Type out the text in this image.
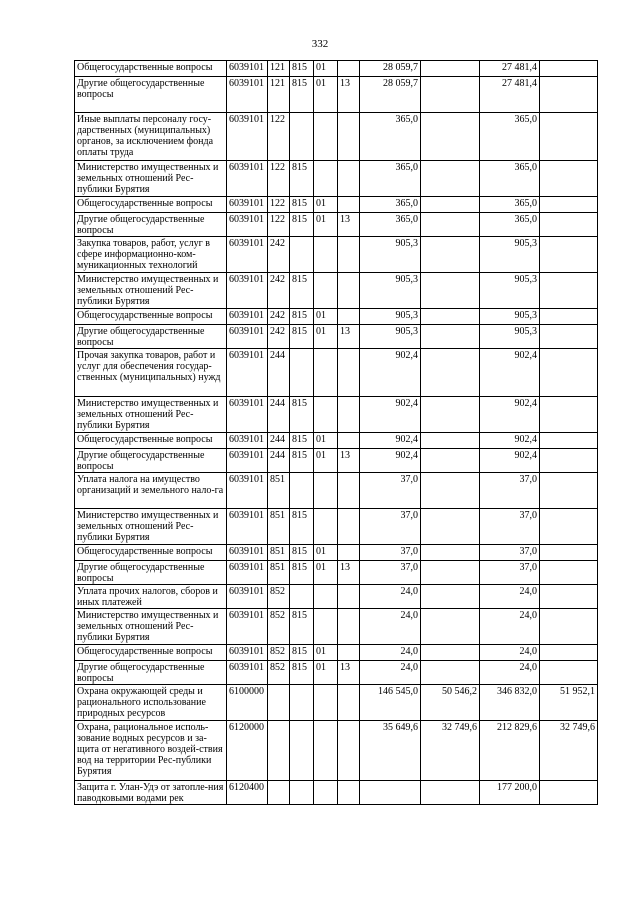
332
Общегосударственные вопросы	6039101	121	815	01		28 059,7		27 481,4	
Другие общегосударственные вопросы	6039101	121	815	01	13	28 059,7		27 481,4	
Иные выплаты персоналу госу-дарственных (муниципальных) органов, за исключением фонда оплаты труда	6039101	122				365,0		365,0	
Министерство имущественных и земельных отношений Рес-публики Бурятия	6039101	122	815			365,0		365,0	
Общегосударственные вопросы	6039101	122	815	01		365,0		365,0	
Другие общегосударственные вопросы	6039101	122	815	01	13	365,0		365,0	
Закупка товаров, работ, услуг в сфере информационно-ком-муникационных технологий	6039101	242				905,3		905,3	
Министерство имущественных и земельных отношений Рес-публики Бурятия	6039101	242	815			905,3		905,3	
Общегосударственные вопросы	6039101	242	815	01		905,3		905,3	
Другие общегосударственные вопросы	6039101	242	815	01	13	905,3		905,3	
Прочая закупка товаров, работ и услуг для обеспечения государ-ственных (муниципальных) нужд	6039101	244				902,4		902,4	
Министерство имущественных и земельных отношений Рес-публики Бурятия	6039101	244	815			902,4		902,4	
Общегосударственные вопросы	6039101	244	815	01		902,4		902,4	
Другие общегосударственные вопросы	6039101	244	815	01	13	902,4		902,4	
Уплата налога на имущество организаций и земельного нало-га	6039101	851				37,0		37,0	
Министерство имущественных и земельных отношений Рес-публики Бурятия	6039101	851	815			37,0		37,0	
Общегосударственные вопросы	6039101	851	815	01		37,0		37,0	
Другие общегосударственные вопросы	6039101	851	815	01	13	37,0		37,0	
Уплата прочих налогов, сборов и иных платежей	6039101	852				24,0		24,0	
Министерство имущественных и земельных отношений Рес-публики Бурятия	6039101	852	815			24,0		24,0	
Общегосударственные вопросы	6039101	852	815	01		24,0		24,0	
Другие общегосударственные вопросы	6039101	852	815	01	13	24,0		24,0	
Охрана окружающей среды и рационального использование природных ресурсов	6100000					146 545,0	50 546,2	346 832,0	51 952,1
Охрана, рациональное исполь-зование водных ресурсов и за-щита от негативного воздей-ствия вод на территории Рес-публики Бурятия	6120000					35 649,6	32 749,6	212 829,6	32 749,6
Защита г. Улан-Удэ от затопле-ния паводковыми водами рек	6120400							177 200,0	
